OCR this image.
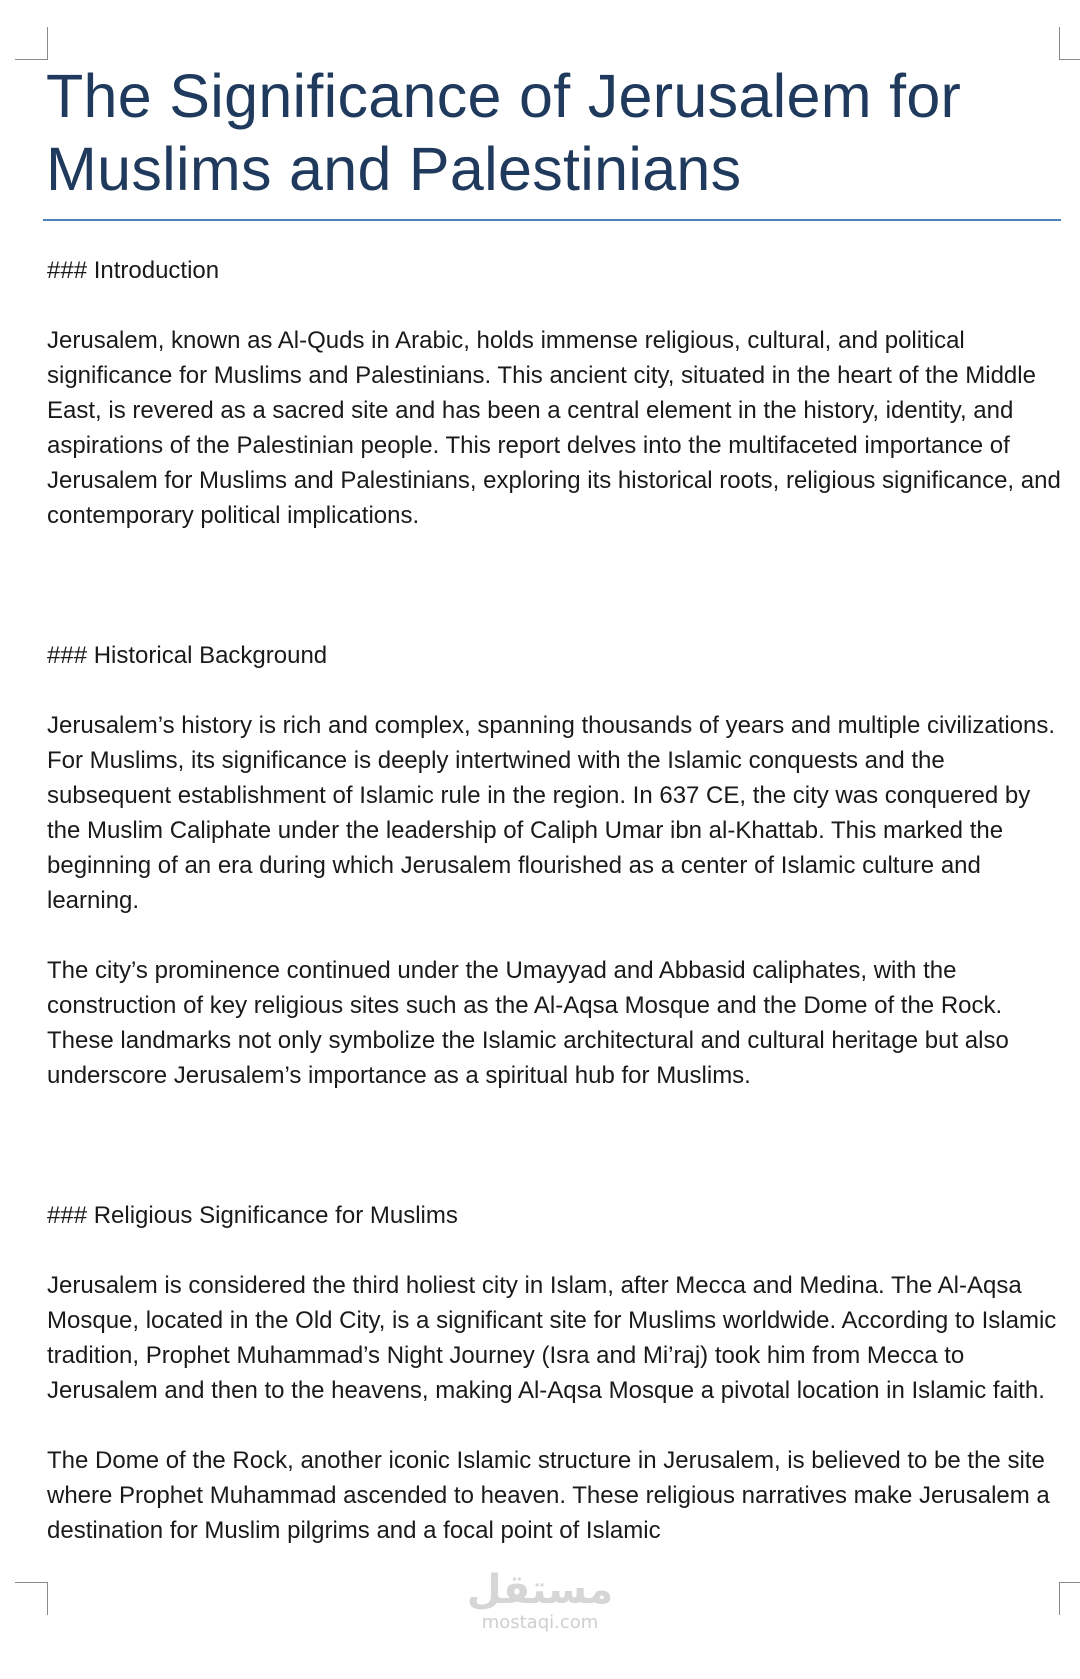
The Significance of Jerusalem for Muslims and Palestinians

### Introduction

Jerusalem, known as Al-Quds in Arabic, holds immense religious, cultural, and political significance for Muslims and Palestinians. This ancient city, situated in the heart of the Middle East, is revered as a sacred site and has been a central element in the history, identity, and aspirations of the Palestinian people. This report delves into the multifaceted importance of Jerusalem for Muslims and Palestinians, exploring its historical roots, religious significance, and contemporary political implications.

### Historical Background

Jerusalem’s history is rich and complex, spanning thousands of years and multiple civilizations. For Muslims, its significance is deeply intertwined with the Islamic conquests and the subsequent establishment of Islamic rule in the region. In 637 CE, the city was conquered by the Muslim Caliphate under the leadership of Caliph Umar ibn al-Khattab. This marked the beginning of an era during which Jerusalem flourished as a center of Islamic culture and learning.

The city’s prominence continued under the Umayyad and Abbasid caliphates, with the construction of key religious sites such as the Al-Aqsa Mosque and the Dome of the Rock. These landmarks not only symbolize the Islamic architectural and cultural heritage but also underscore Jerusalem’s importance as a spiritual hub for Muslims.

### Religious Significance for Muslims

Jerusalem is considered the third holiest city in Islam, after Mecca and Medina. The Al-Aqsa Mosque, located in the Old City, is a significant site for Muslims worldwide. According to Islamic tradition, Prophet Muhammad’s Night Journey (Isra and Mi’raj) took him from Mecca to Jerusalem and then to the heavens, making Al-Aqsa Mosque a pivotal location in Islamic faith.

The Dome of the Rock, another iconic Islamic structure in Jerusalem, is believed to be the site where Prophet Muhammad ascended to heaven. These religious narratives make Jerusalem a destination for Muslim pilgrims and a focal point of Islamic

مستقل
mostaqi.com
